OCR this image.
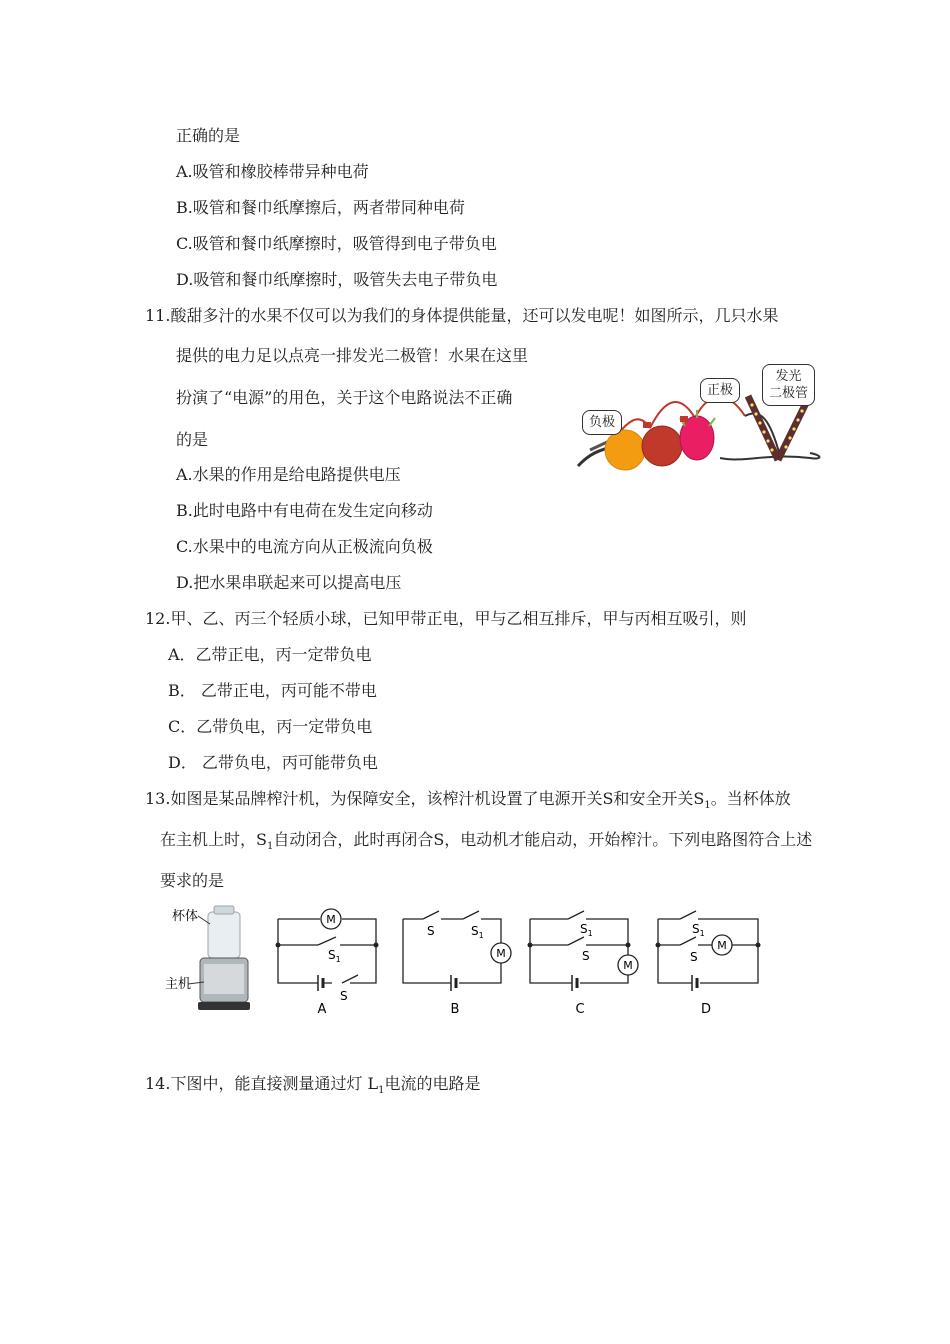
正确的是
A.吸管和橡胶棒带异种电荷
B.吸管和餐巾纸摩擦后，两者带同种电荷
C.吸管和餐巾纸摩擦时，吸管得到电子带负电
D.吸管和餐巾纸摩擦时，吸管失去电子带负电
11.酸甜多汁的水果不仅可以为我们的身体提供能量，还可以发电呢！如图所示，几只水果
提供的电力足以点亮一排发光二极管！水果在这里
扮演了“电源”的用色，关于这个电路说法不正确
的是
A.水果的作用是给电路提供电压
B.此时电路中有电荷在发生定向移动
C.水果中的电流方向从正极流向负极
D.把水果串联起来可以提高电压
负极
正极
发光
二极管
12.甲、乙、丙三个轻质小球，已知甲带正电，甲与乙相互排斥，甲与丙相互吸引，则
A．乙带正电，丙一定带负电
B． 乙带正电，丙可能不带电
C．乙带负电，丙一定带负电
D． 乙带负电，丙可能带负电
13.如图是某品牌榨汁机，为保障安全，该榨汁机设置了电源开关S和安全开关$S_1$。当杯体放
在主机上时，$S_1$自动闭合，此时再闭合S，电动机才能启动，开始榨汁。下列电路图符合上述
要求的是
杯体
主机
M
$S_1$
S
A
M
S	$S_1$
B
M
$S_1$
S
C
M
$S_1$
S
D
14.下图中，能直接测量通过灯 $L_1$电流的电路是
